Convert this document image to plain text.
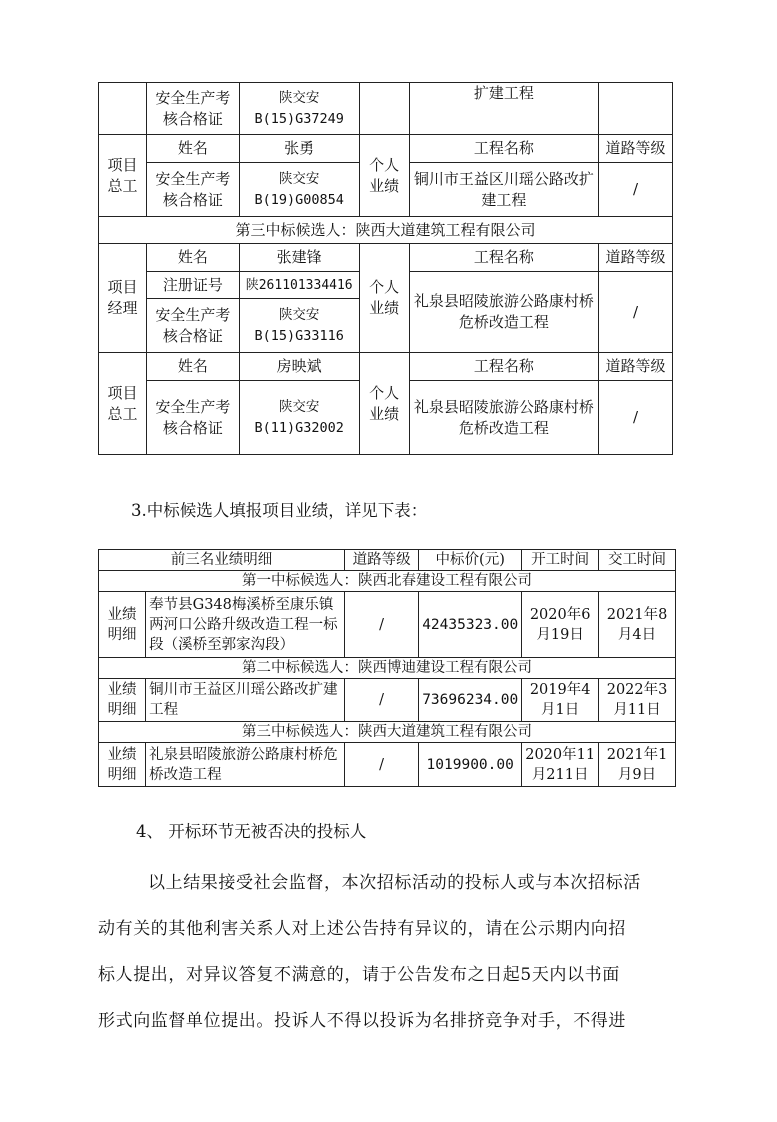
	安全生产考核合格证	陕交安B(15)G37249		扩建工程	
项目总工	姓名	张勇	个人业绩	工程名称	道路等级
	安全生产考核合格证	陕交安B(19)G00854		铜川市王益区川瑶公路改扩建工程	/
第三中标候选人：陕西大道建筑工程有限公司					
项目经理	姓名	张建锋	个人业绩	工程名称	道路等级
	注册证号	陕261101334416		礼泉县昭陵旅游公路康村桥危桥改造工程	/
	安全生产考核合格证	陕交安B(15)G33116			
项目总工	姓名	房映斌	个人业绩	工程名称	道路等级
	安全生产考核合格证	陕交安B(11)G32002		礼泉县昭陵旅游公路康村桥危桥改造工程	/
3.中标候选人填报项目业绩，详见下表：
前三名业绩明细		道路等级	中标价(元)	开工时间	交工时间
第一中标候选人：陕西北春建设工程有限公司					
业绩明细	奉节县G348梅溪桥至康乐镇两河口公路升级改造工程一标段（溪桥至郭家沟段）	/	42435323.00	2020年6月19日	2021年8月4日
第二中标候选人：陕西博迪建设工程有限公司					
业绩明细	铜川市王益区川瑶公路改扩建工程	/	73696234.00	2019年4月1日	2022年3月11日
第三中标候选人：陕西大道建筑工程有限公司					
业绩明细	礼泉县昭陵旅游公路康村桥危桥改造工程	/	1019900.00	2020年11月211日	2021年1月9日
4、 开标环节无被否决的投标人
以上结果接受社会监督，本次招标活动的投标人或与本次招标活
动有关的其他利害关系人对上述公告持有异议的，请在公示期内向招
标人提出，对异议答复不满意的，请于公告发布之日起5天内以书面
形式向监督单位提出。投诉人不得以投诉为名排挤竞争对手，不得进
